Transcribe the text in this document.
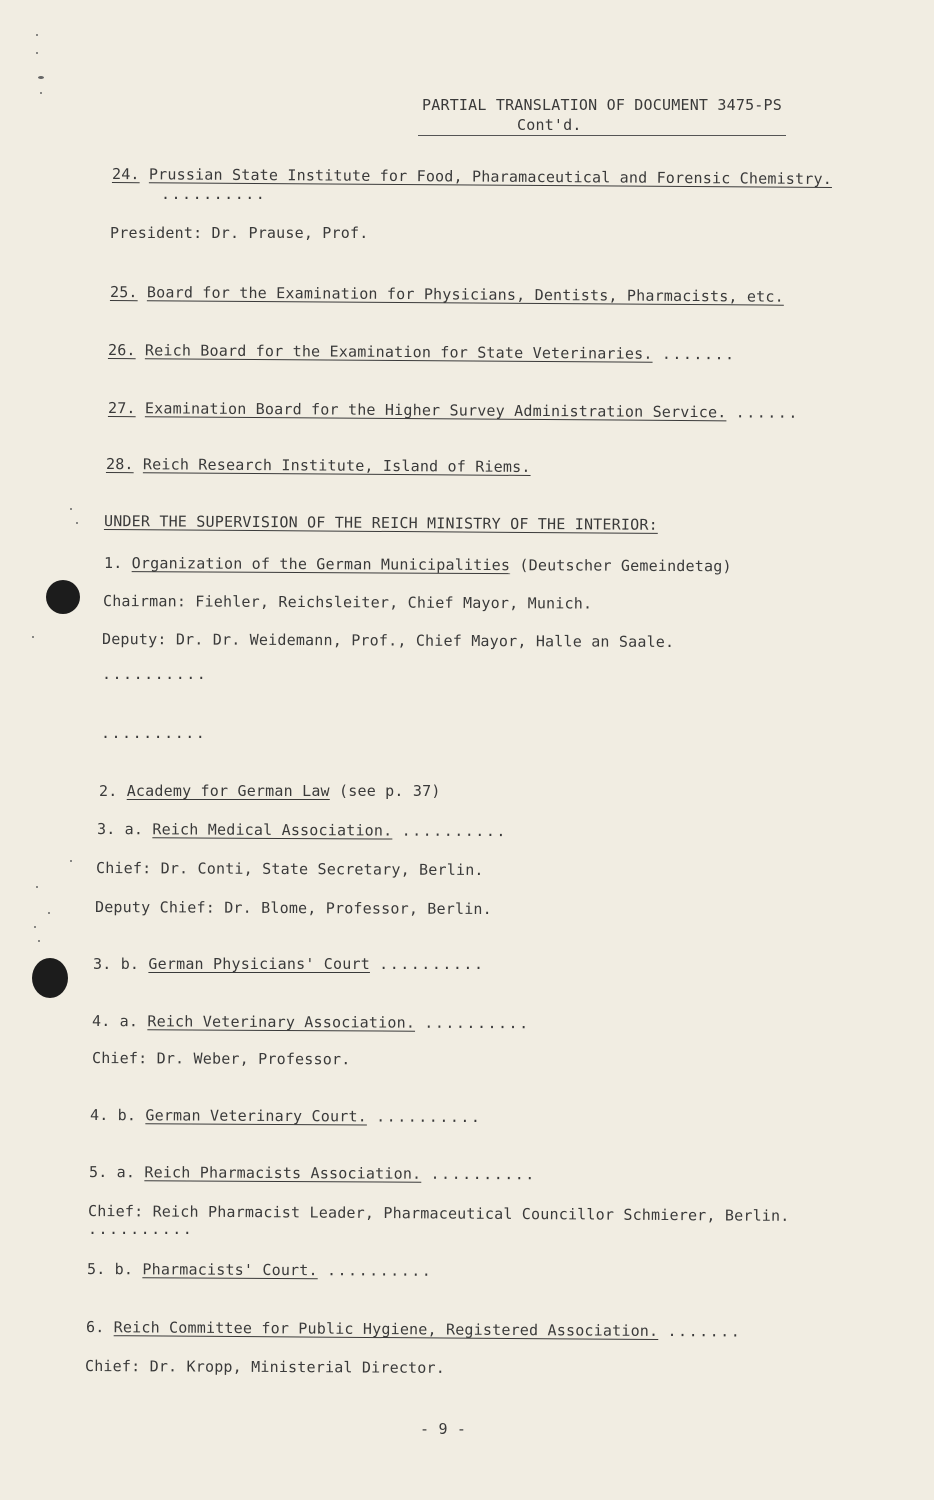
PARTIAL TRANSLATION OF DOCUMENT 3475-PS
Cont'd.
24. Prussian State Institute for Food, Pharamaceutical and Forensic Chemistry.
..........
President: Dr. Prause, Prof.
25. Board for the Examination for Physicians, Dentists, Pharmacists, etc.
26. Reich Board for the Examination for State Veterinaries. .......
27. Examination Board for the Higher Survey Administration Service. ......
28. Reich Research Institute, Island of Riems.
UNDER THE SUPERVISION OF THE REICH MINISTRY OF THE INTERIOR:
1. Organization of the German Municipalities (Deutscher Gemeindetag)
Chairman: Fiehler, Reichsleiter, Chief Mayor, Munich.
Deputy: Dr. Dr. Weidemann, Prof., Chief Mayor, Halle an Saale.
..........
..........
2. Academy for German Law (see p. 37)
3. a. Reich Medical Association. ..........
Chief: Dr. Conti, State Secretary, Berlin.
Deputy Chief: Dr. Blome, Professor, Berlin.
3. b. German Physicians' Court ..........
4. a. Reich Veterinary Association. ..........
Chief: Dr. Weber, Professor.
4. b. German Veterinary Court. ..........
5. a. Reich Pharmacists Association. ..........
Chief: Reich Pharmacist Leader, Pharmaceutical Councillor Schmierer, Berlin.
..........
5. b. Pharmacists' Court. ..........
6. Reich Committee for Public Hygiene, Registered Association. .......
Chief: Dr. Kropp, Ministerial Director.
- 9 -
